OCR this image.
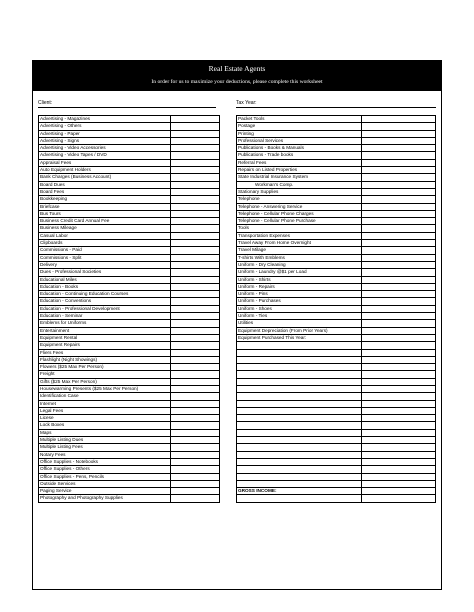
Real Estate Agents
In order for us to maximize your deductions, please complete this worksheet
Client:	Tax Year:
Advertising - Magazines
Advertising - Others
Advertising - Paper
Advertising - Signs
Advertising - Video Accessories
Advertising - Video Tapes / DVD
Appraisal Fees
Auto Equipment Holders
Bank Charges (Business Account)
Board Dues
Board Fees
Bookkeeping
Briefcase
Bus Tours
Business Credit Card Annual Fee
Business Mileage
Casual Labor
Clipboards
Commissions - Paid
Commissions - Split
Delivery
Dues - Professional Societies
Educational Miles
Education - Books
Education - Continuing Education Courses
Education - Conventions
Education - Professional Development
Education - Seminar
Emblems for Uniforms
Entertainment
Equipment Rental
Equipment Repairs
Fliers Fees
Flashlight (Night Showings)
Flowers ($25 Max Per Person)
Freight
Gifts ($25 Max Per Person)
Housewarming Presents ($25 Max Per Person)
Identification Case
Internet
Legal Fees
Licese
Lock Boxes
Maps
Multiple Listing Dues
Multiple Listing Fees
Notary Fees
Office Supplies - Notebooks
Office Supplies - Others
Office Supplies - Pens, Pencils
Outside Services
Paging Service
Photography and Photography Supplies
Packet Tools
Postage
Printing
Professional Services
Publications - Books & Manuals
Publications - Trade books
Referral Fees
Repairs on Listed Properties
State Industrial Insurance System
Workman's Comp.
Stationary Supplies
Telephone
Telephone - Answering Service
Telephone - Cellular Phone Charges
Telephone - Cellular Phone Purchase
Tools
Transportation Expenses
Travel Away From Home Overnight
Travel Milage
T-shirts With Emblems
Uniform - Dry Cleaning
Uniform - Laundry @$1 per Load
Uniform - Shirts
Uniform - Repairs
Uniform - Pins
Uniform - Purchases
Uniform - Shoes
Uniform - Ties
Utilities
Equipment Depreciation (From Prior Years)
Equipment Purchased This Year:
GROSS INCOME:
